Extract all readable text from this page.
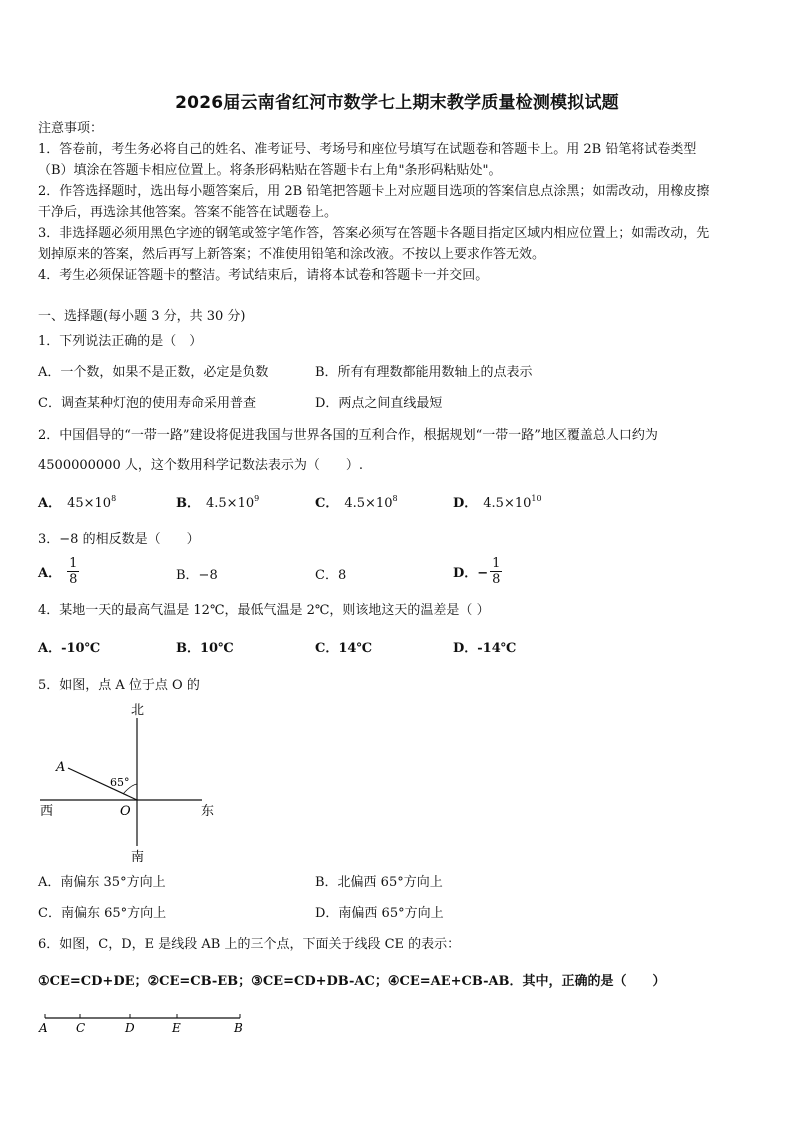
2026届云南省红河市数学七上期末教学质量检测模拟试题
注意事项：
1．答卷前，考生务必将自己的姓名、准考证号、考场号和座位号填写在试题卷和答题卡上。用 2B 铅笔将试卷类型
（B）填涂在答题卡相应位置上。将条形码粘贴在答题卡右上角"条形码粘贴处"。
2．作答选择题时，选出每小题答案后，用 2B 铅笔把答题卡上对应题目选项的答案信息点涂黑；如需改动，用橡皮擦
干净后，再选涂其他答案。答案不能答在试题卷上。
3．非选择题必须用黑色字迹的钢笔或签字笔作答，答案必须写在答题卡各题目指定区域内相应位置上；如需改动，先
划掉原来的答案，然后再写上新答案；不准使用铅笔和涂改液。不按以上要求作答无效。
4．考生必须保证答题卡的整洁。考试结束后，请将本试卷和答题卡一并交回。
一、选择题(每小题 3 分，共 30 分)
1．下列说法正确的是（　）
A．一个数，如果不是正数，必定是负数	B．所有有理数都能用数轴上的点表示
C．调查某种灯泡的使用寿命采用普查	D．两点之间直线最短
2．中国倡导的“一带一路”建设将促进我国与世界各国的互利合作，根据规划“一带一路”地区覆盖总人口约为
4500000000 人，这个数用科学记数法表示为（　　）.
A． $45\times 10^8$	B． $4.5\times 10^9$	C． $4.5\times 10^8$	D． $4.5\times 10^{10}$
3．−8 的相反数是（　　）
A． $\frac{1}{8}$	B．−8	C．8	D．− $\frac{1}{8}$
4．某地一天的最高气温是 12℃，最低气温是 2℃，则该地这天的温差是（ ）
A．-10℃	B．10℃	C．14℃	D．-14℃
5．如图，点 A 位于点 O 的
北
南
西	东
A
O
65°
A．南偏东 35°方向上	B．北偏西 65°方向上
C．南偏东 65°方向上	D．南偏西 65°方向上
6．如图，C，D，E 是线段 AB 上的三个点，下面关于线段 CE 的表示：
①CE=CD+DE；②CE=CB-EB；③CE=CD+DB-AC；④CE=AE+CB-AB．其中，正确的是（　　）
A C	D	E	B
